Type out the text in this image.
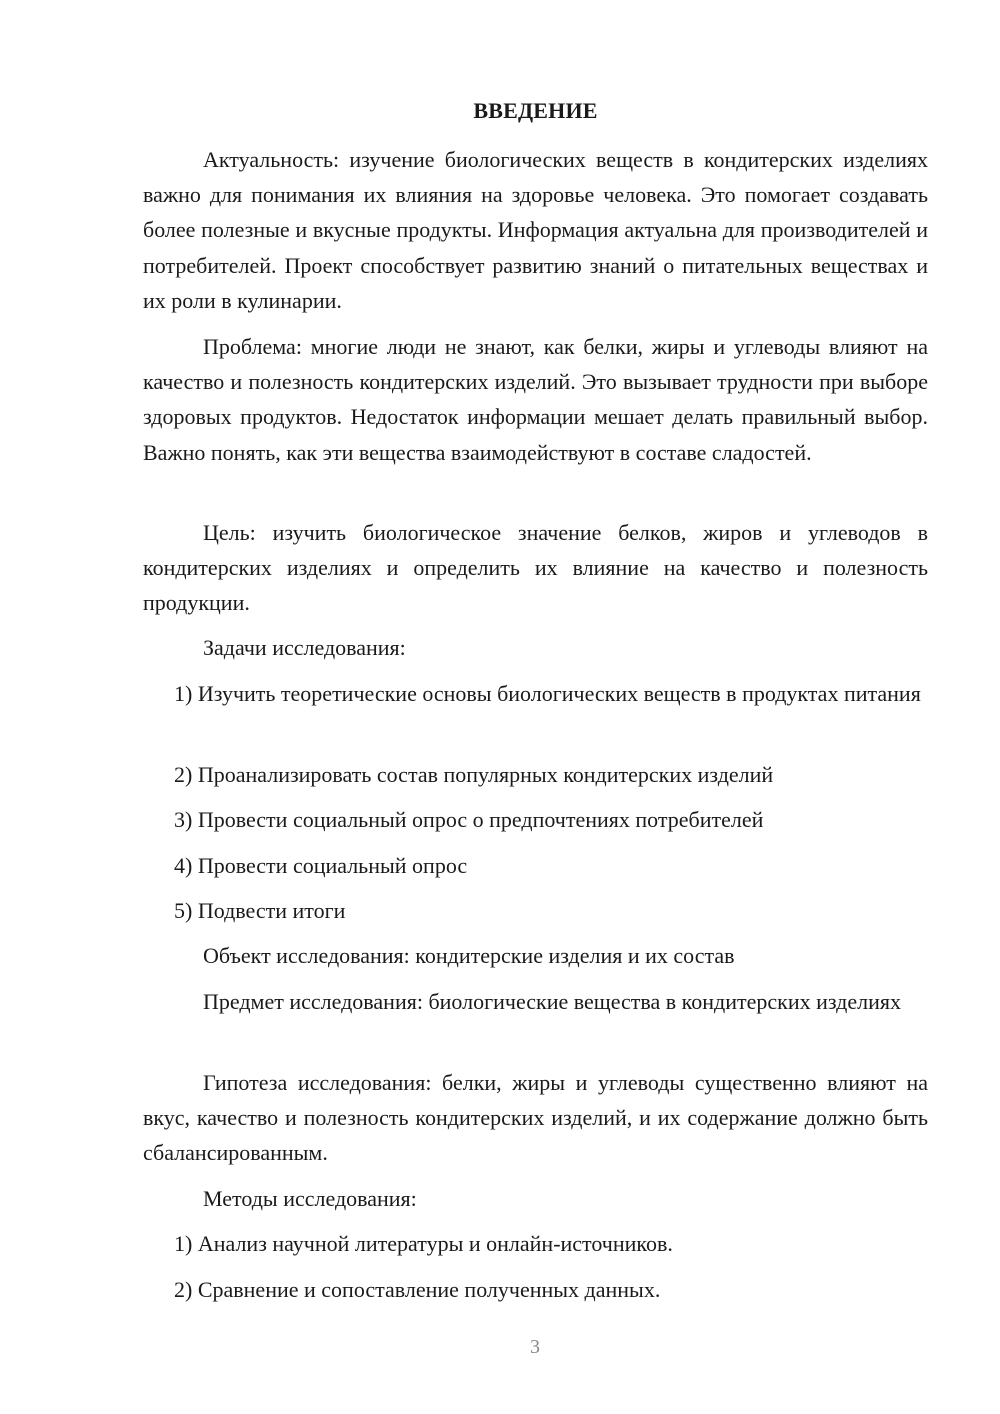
ВВЕДЕНИЕ

Актуальность: изучение биологических веществ в кондитерских изделиях важно для понимания их влияния на здоровье человека. Это помогает создавать более полезные и вкусные продукты. Информация актуальна для производителей и потребителей. Проект способствует развитию знаний о питательных веществах и их роли в кулинарии.

Проблема: многие люди не знают, как белки, жиры и углеводы влияют на качество и полезность кондитерских изделий. Это вызывает трудности при выборе здоровых продуктов. Недостаток информации мешает делать правильный выбор. Важно понять, как эти вещества взаимодействуют в составе сладостей.

Цель: изучить биологическое значение белков, жиров и углеводов в кондитерских изделиях и определить их влияние на качество и полезность продукции.

Задачи исследования:

1) Изучить теоретические основы биологических веществ в продуктах питания

2) Проанализировать состав популярных кондитерских изделий

3) Провести социальный опрос о предпочтениях потребителей

4) Провести социальный опрос

5) Подвести итоги

Объект исследования: кондитерские изделия и их состав

Предмет исследования: биологические вещества в кондитерских изделиях

Гипотеза исследования: белки, жиры и углеводы существенно влияют на вкус, качество и полезность кондитерских изделий, и их содержание должно быть сбалансированным.

Методы исследования:

1) Анализ научной литературы и онлайн-источников.

2) Сравнение и сопоставление полученных данных.

3
